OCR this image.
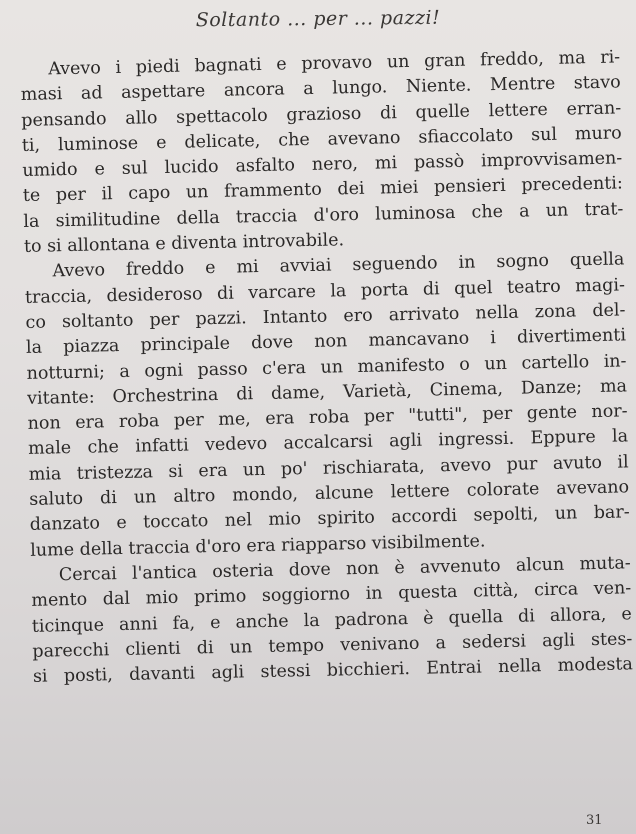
Soltanto ... per ... pazzi!
Avevo i piedi bagnati e provavo un gran freddo, ma ri-
masi ad aspettare ancora a lungo. Niente. Mentre stavo
pensando allo spettacolo grazioso di quelle lettere erran-
ti, luminose e delicate, che avevano sfiaccolato sul muro
umido e sul lucido asfalto nero, mi passò improvvisamen-
te per il capo un frammento dei miei pensieri precedenti:
la similitudine della traccia d'oro luminosa che a un trat-
to si allontana e diventa introvabile.
Avevo freddo e mi avviai seguendo in sogno quella
traccia, desideroso di varcare la porta di quel teatro magi-
co soltanto per pazzi. Intanto ero arrivato nella zona del-
la piazza principale dove non mancavano i divertimenti
notturni; a ogni passo c'era un manifesto o un cartello in-
vitante: Orchestrina di dame, Varietà, Cinema, Danze; ma
non era roba per me, era roba per "tutti", per gente nor-
male che infatti vedevo accalcarsi agli ingressi. Eppure la
mia tristezza si era un po' rischiarata, avevo pur avuto il
saluto di un altro mondo, alcune lettere colorate avevano
danzato e toccato nel mio spirito accordi sepolti, un bar-
lume della traccia d'oro era riapparso visibilmente.
Cercai l'antica osteria dove non è avvenuto alcun muta-
mento dal mio primo soggiorno in questa città, circa ven-
ticinque anni fa, e anche la padrona è quella di allora, e
parecchi clienti di un tempo venivano a sedersi agli stes-
si posti, davanti agli stessi bicchieri. Entrai nella modesta
31
